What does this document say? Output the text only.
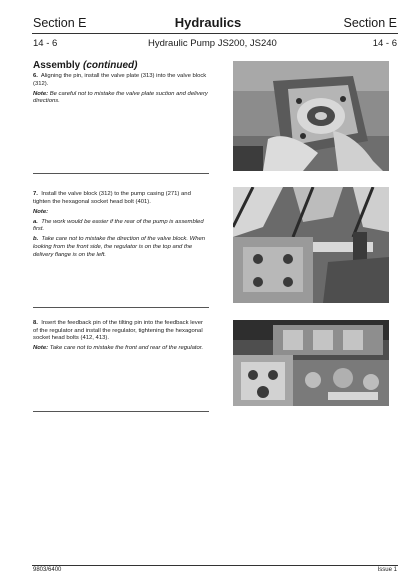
Section E	Hydraulics	Section E
14 - 6	Hydraulic Pump JS200, JS240	14 - 6
Assembly (continued)

6. Aligning the pin, install the valve plate (313) into the valve block (312).

Note: Be careful not to mistake the valve plate suction and delivery directions.

7. Install the valve block (312) to the pump casing (271) and tighten the hexagonal socket head bolt (401).

Note:

a. The work would be easier if the rear of the pump is assembled first.

b. Take care not to mistake the direction of the valve block. When looking from the front side, the regulator is on the top and the delivery flange is on the left.

8. Insert the feedback pin of the tilting pin into the feedback lever of the regulator and install the regulator, tightening the hexagonal socket head bolts (412, 413).

Note: Take care not to mistake the front and rear of the regulator.

9803/6400	Issue 1
